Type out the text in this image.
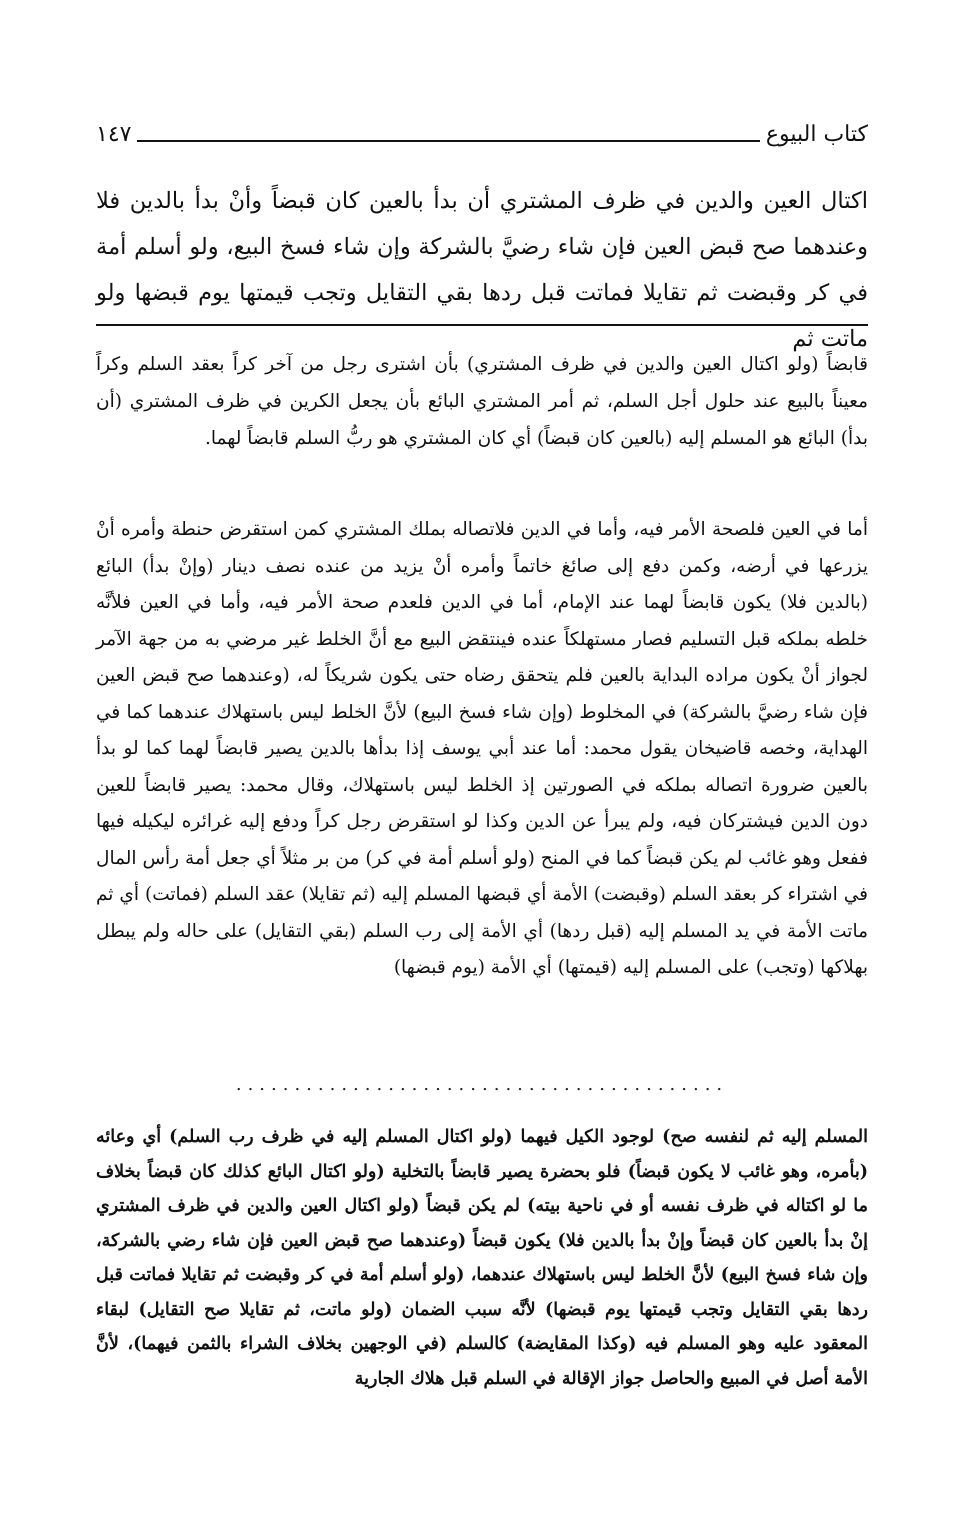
كتاب البيوع
١٤٧

اكتال العين والدين في ظرف المشتري أن بدأ بالعين كان قبضاً وأنْ بدأ بالدين فلا وعندهما صح قبض العين فإن شاء رضيَّ بالشركة وإن شاء فسخ البيع، ولو أسلم أمة في كر وقبضت ثم تقايلا فماتت قبل ردها بقي التقايل وتجب قيمتها يوم قبضها ولو ماتت ثم

قابضاً (ولو اكتال العين والدين في ظرف المشتري) بأن اشترى رجل من آخر كراً بعقد السلم وكراً معيناً بالبيع عند حلول أجل السلم، ثم أمر المشتري البائع بأن يجعل الكرين في ظرف المشتري (أن بدأ) البائع هو المسلم إليه (بالعين كان قبضاً) أي كان المشتري هو ربُّ السلم قابضاً لهما.

أما في العين فلصحة الأمر فيه، وأما في الدين فلاتصاله بملك المشتري كمن استقرض حنطة وأمره أنْ يزرعها في أرضه، وكمن دفع إلى صائغ خاتماً وأمره أنْ يزيد من عنده نصف دينار (وإنْ بدأ) البائع (بالدين فلا) يكون قابضاً لهما عند الإمام، أما في الدين فلعدم صحة الأمر فيه، وأما في العين فلأنَّه خلطه بملكه قبل التسليم فصار مستهلكاً عنده فينتقض البيع مع أنَّ الخلط غير مرضي به من جهة الآمر لجواز أنْ يكون مراده البداية بالعين فلم يتحقق رضاه حتى يكون شريكاً له، (وعندهما صح قبض العين فإن شاء رضيَّ بالشركة) في المخلوط (وإن شاء فسخ البيع) لأنَّ الخلط ليس باستهلاك عندهما كما في الهداية، وخصه قاضيخان يقول محمد: أما عند أبي يوسف إذا بدأها بالدين يصير قابضاً لهما كما لو بدأ بالعين ضرورة اتصاله بملكه في الصورتين إذ الخلط ليس باستهلاك، وقال محمد: يصير قابضاً للعين دون الدين فيشتركان فيه، ولم يبرأ عن الدين وكذا لو استقرض رجل كراً ودفع إليه غرائره ليكيله فيها ففعل وهو غائب لم يكن قبضاً كما في المنح (ولو أسلم أمة في كر) من بر مثلاً أي جعل أمة رأس المال في اشتراء كر بعقد السلم (وقبضت) الأمة أي قبضها المسلم إليه (ثم تقايلا) عقد السلم (فماتت) أي ثم ماتت الأمة في يد المسلم إليه (قبل ردها) أي الأمة إلى رب السلم (بقي التقايل) على حاله ولم يبطل بهلاكها (وتجب) على المسلم إليه (قيمتها) أي الأمة (يوم قبضها)

..........................................

المسلم إليه ثم لنفسه صح) لوجود الكيل فيهما (ولو اكتال المسلم إليه في ظرف رب السلم) أي وعائه (بأمره، وهو غائب لا يكون قبضاً) فلو بحضرة يصير قابضاً بالتخلية (ولو اكتال البائع كذلك كان قبضاً بخلاف ما لو اكتاله في ظرف نفسه أو في ناحية بيته) لم يكن قبضاً (ولو اكتال العين والدين في ظرف المشتري إنْ بدأ بالعين كان قبضاً وإنْ بدأ بالدين فلا) يكون قبضاً (وعندهما صح قبض العين فإن شاء رضي بالشركة، وإن شاء فسخ البيع) لأنَّ الخلط ليس باستهلاك عندهما، (ولو أسلم أمة في كر وقبضت ثم تقايلا فماتت قبل ردها بقي التقايل وتجب قيمتها يوم قبضها) لأنَّه سبب الضمان (ولو ماتت، ثم تقايلا صح التقايل) لبقاء المعقود عليه وهو المسلم فيه (وكذا المقايضة) كالسلم (في الوجهين بخلاف الشراء بالثمن فيهما)، لأنَّ الأمة أصل في المبيع والحاصل جواز الإقالة في السلم قبل هلاك الجارية
